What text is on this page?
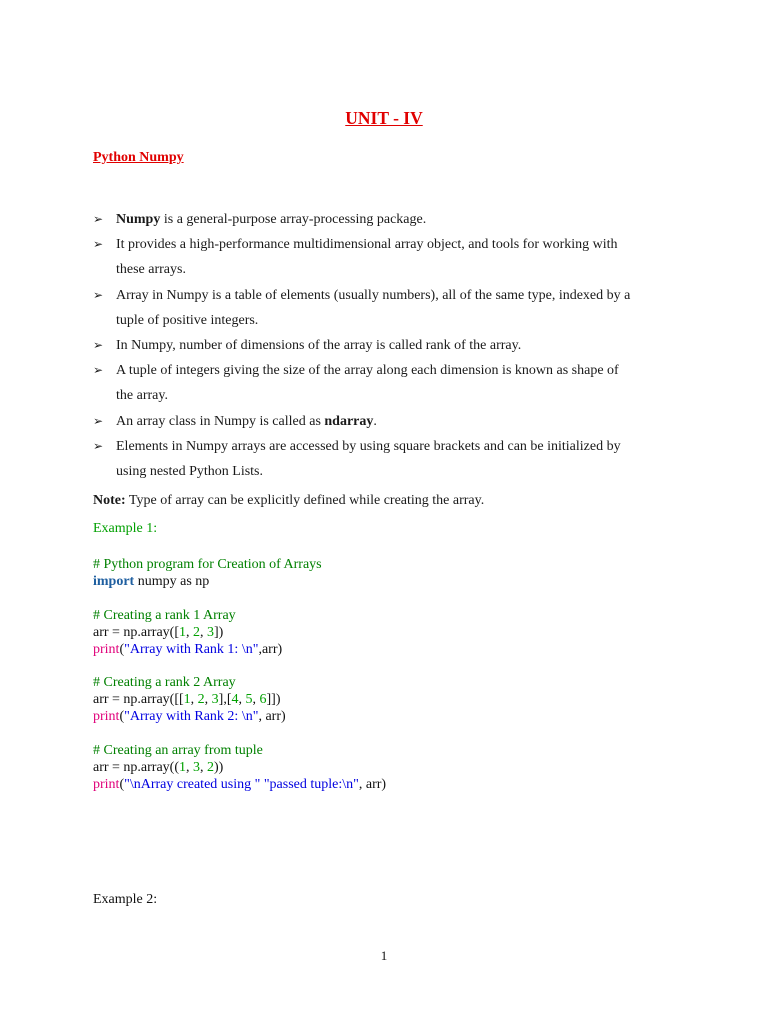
UNIT - IV
Python Numpy
➢ Numpy is a general-purpose array-processing package.
➢ It provides a high-performance multidimensional array object, and tools for working with
these arrays.
➢ Array in Numpy is a table of elements (usually numbers), all of the same type, indexed by a
tuple of positive integers.
➢ In Numpy, number of dimensions of the array is called rank of the array.
➢ A tuple of integers giving the size of the array along each dimension is known as shape of
the array.
➢ An array class in Numpy is called as ndarray.
➢ Elements in Numpy arrays are accessed by using square brackets and can be initialized by
using nested Python Lists.
Note: Type of array can be explicitly defined while creating the array.
Example 1:
# Python program for Creation of Arrays
import numpy as np
# Creating a rank 1 Array
arr = np.array([1, 2, 3])
print("Array with Rank 1: \n",arr)
# Creating a rank 2 Array
arr = np.array([[1, 2, 3],[4, 5, 6]])
print("Array with Rank 2: \n", arr)
# Creating an array from tuple
arr = np.array((1, 3, 2))
print("\nArray created using " "passed tuple:\n", arr)
Example 2:
1
